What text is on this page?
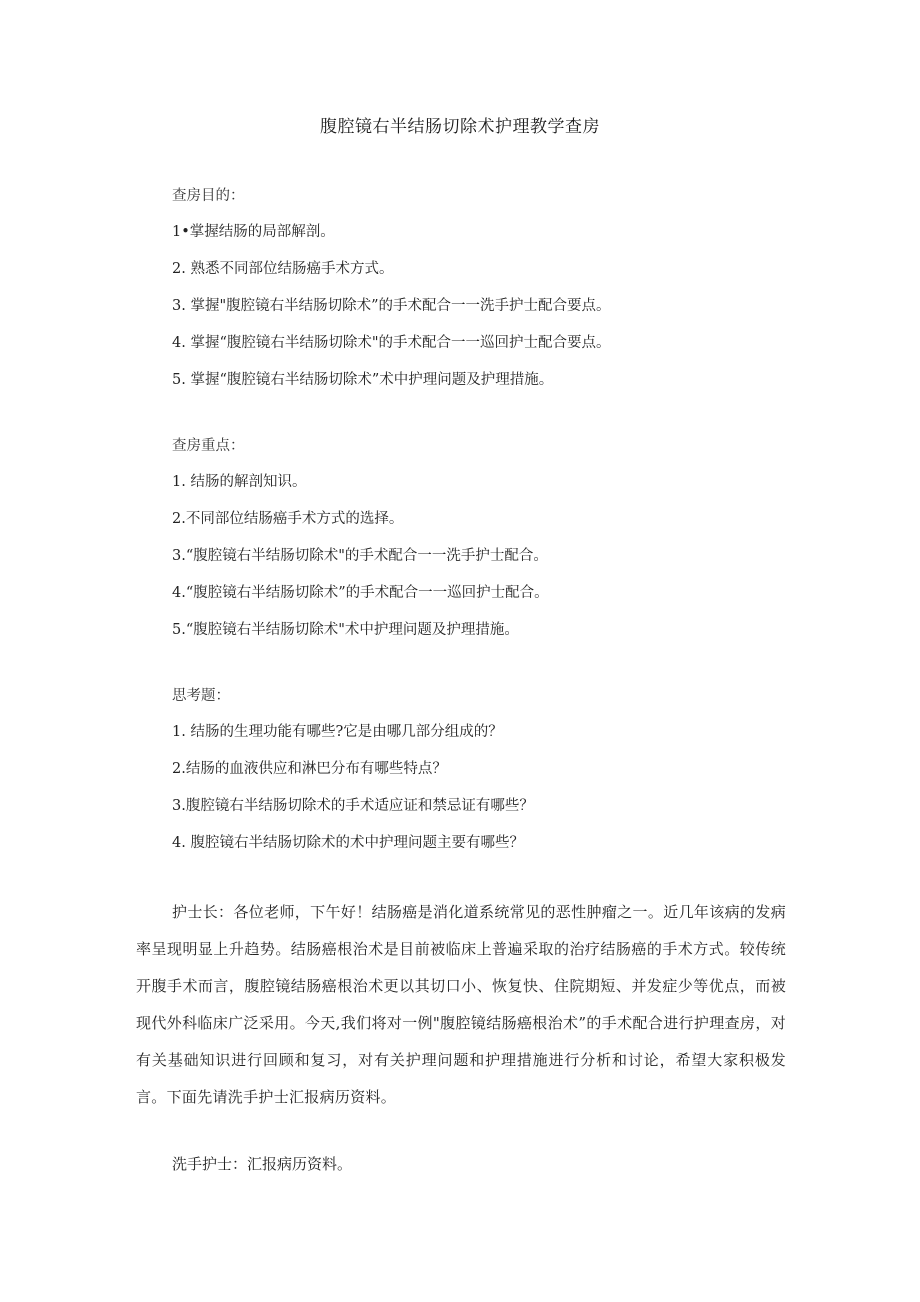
腹腔镜右半结肠切除术护理教学查房
查房目的：
1•掌握结肠的局部解剖。
2. 熟悉不同部位结肠癌手术方式。
3. 掌握"腹腔镜右半结肠切除术”的手术配合一一洗手护士配合要点。
4. 掌握“腹腔镜右半结肠切除术"的手术配合一一巡回护士配合要点。
5. 掌握“腹腔镜右半结肠切除术”术中护理问题及护理措施。
查房重点：
1. 结肠的解剖知识。
2.不同部位结肠癌手术方式的选择。
3.“腹腔镜右半结肠切除术"的手术配合一一洗手护士配合。
4.“腹腔镜右半结肠切除术”的手术配合一一巡回护士配合。
5.“腹腔镜右半结肠切除术"术中护理问题及护理措施。
思考题：
1. 结肠的生理功能有哪些?它是由哪几部分组成的？
2.结肠的血液供应和淋巴分布有哪些特点？
3.腹腔镜右半结肠切除术的手术适应证和禁忌证有哪些？
4. 腹腔镜右半结肠切除术的术中护理问题主要有哪些？
护士长：各位老师，下午好！结肠癌是消化道系统常见的恶性肿瘤之一。近几年该病的发病率呈现明显上升趋势。结肠癌根治术是目前被临床上普遍采取的治疗结肠癌的手术方式。较传统开腹手术而言，腹腔镜结肠癌根治术更以其切口小、恢复快、住院期短、并发症少等优点，而被现代外科临床广泛采用。今天,我们将对一例"腹腔镜结肠癌根治术”的手术配合进行护理查房，对有关基础知识进行回顾和复习，对有关护理问题和护理措施进行分析和讨论，希望大家积极发言。下面先请洗手护士汇报病历资料。
洗手护士：汇报病历资料。
